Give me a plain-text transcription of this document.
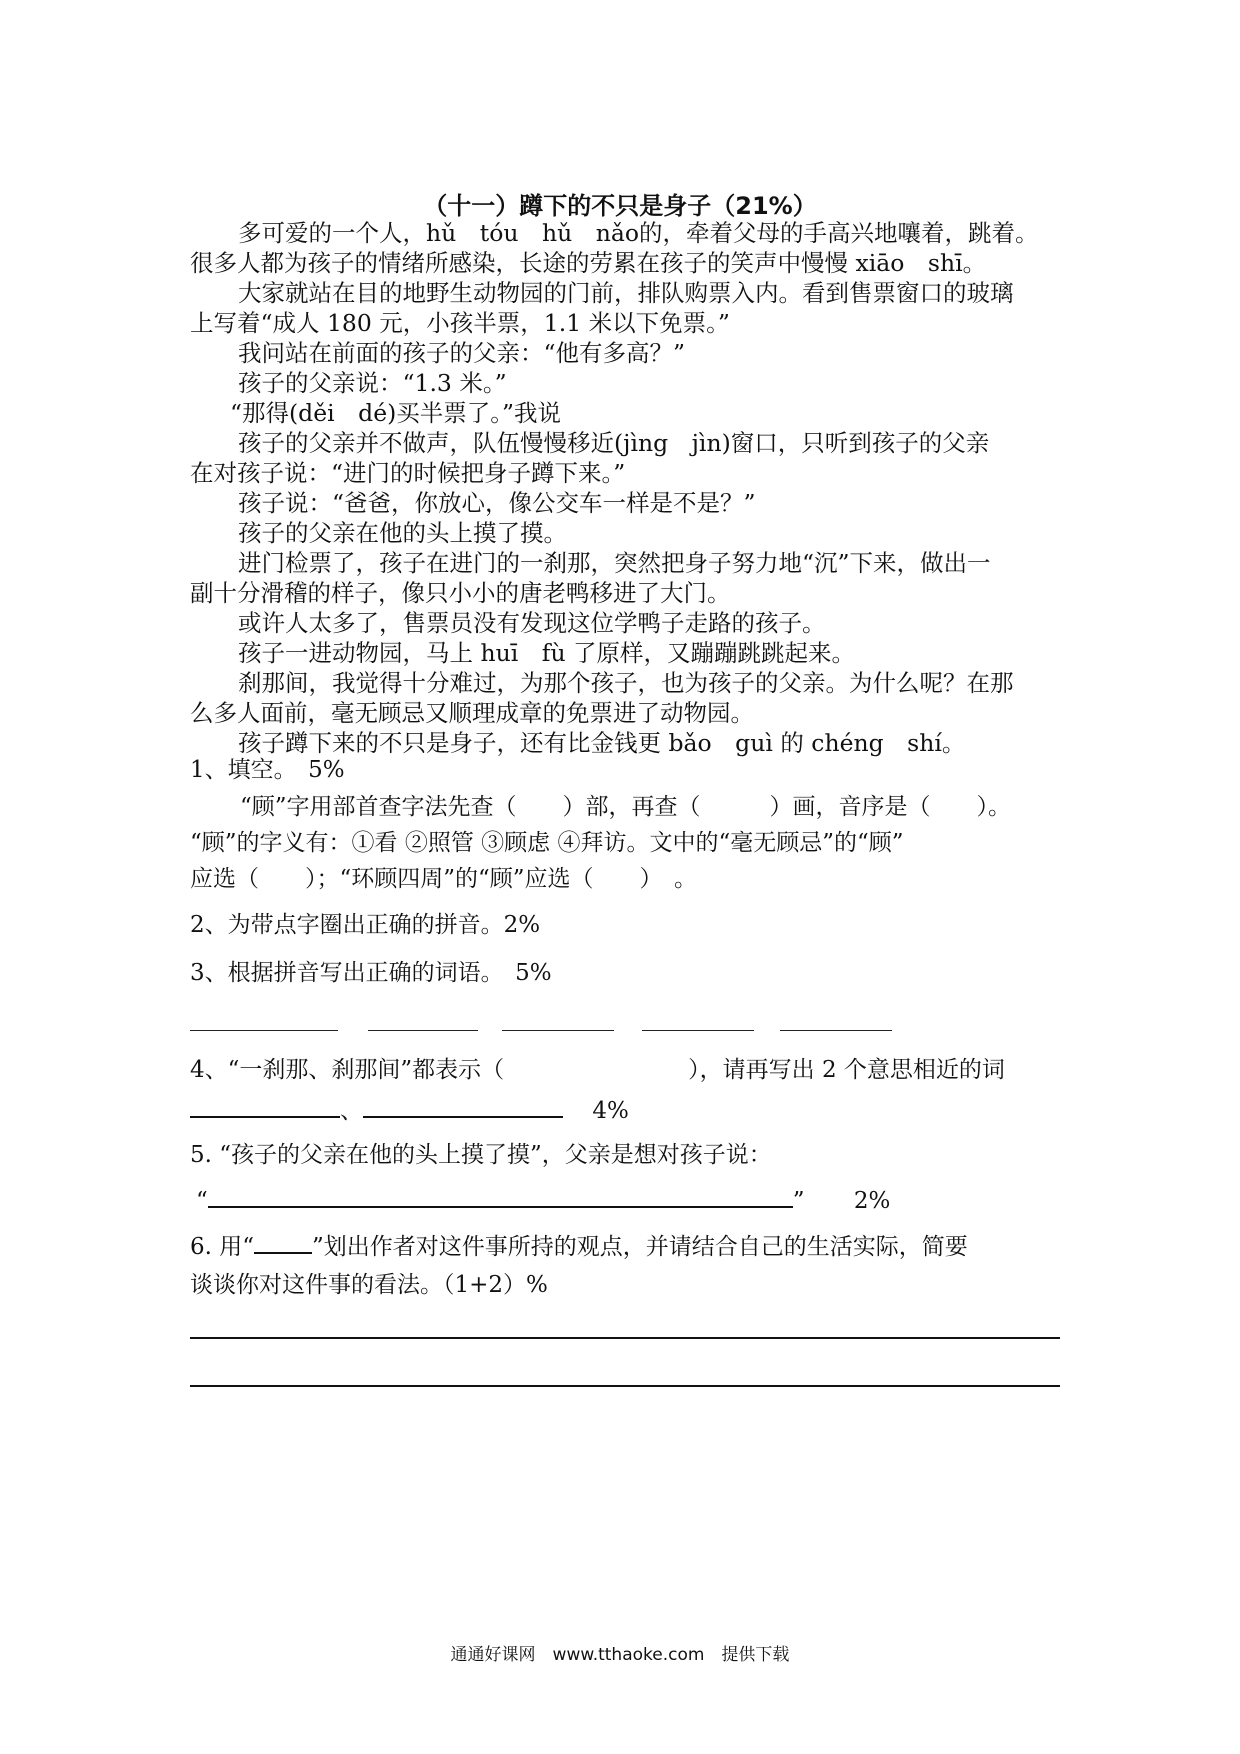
（十一）蹲下的不只是身子（21%）
多可爱的一个人，hǔ　tóu　hǔ　nǎo的，牵着父母的手高兴地嚷着，跳着。
很多人都为孩子的情绪所感染，长途的劳累在孩子的笑声中慢慢 xiāo　shī。
大家就站在目的地野生动物园的门前，排队购票入内。看到售票窗口的玻璃
上写着“成人 180 元，小孩半票，1.1 米以下免票。”
我问站在前面的孩子的父亲：“他有多高？”
孩子的父亲说：“1.3 米。”
“那得(děi　dé)买半票了。”我说
孩子的父亲并不做声，队伍慢慢移近(jìng　jìn)窗口，只听到孩子的父亲
在对孩子说：“进门的时候把身子蹲下来。”
孩子说：“爸爸，你放心，像公交车一样是不是？”
孩子的父亲在他的头上摸了摸。
进门检票了，孩子在进门的一刹那，突然把身子努力地“沉”下来，做出一
副十分滑稽的样子，像只小小的唐老鸭移进了大门。
或许人太多了，售票员没有发现这位学鸭子走路的孩子。
孩子一进动物园，马上 huī　fù 了原样，又蹦蹦跳跳起来。
刹那间，我觉得十分难过，为那个孩子，也为孩子的父亲。为什么呢？在那
么多人面前，毫无顾忌又顺理成章的免票进了动物园。
孩子蹲下来的不只是身子，还有比金钱更 bǎo　guì 的 chéng　shí。
1、填空。　5%
“顾”字用部首查字法先查（　　）部，再查（　　　）画，音序是（　　）。
“顾”的字义有：①看 ②照管 ③顾虑 ④拜访。文中的“毫无顾忌”的“顾”
应选（　　）；“环顾四周”的“顾”应选（　　）　。
2、为带点字圈出正确的拼音。2%
3、根据拼音写出正确的词语。　5%
4、“一刹那、刹那间”都表示（　　　　　　　　），请再写出 2 个意思相近的词
、	4%
5. “孩子的父亲在他的头上摸了摸”，父亲是想对孩子说：
“	” 2%
6. 用“	”划出作者对这件事所持的观点，并请结合自己的生活实际，简要
谈谈你对这件事的看法。（1+2）%
通通好课网　www.tthaoke.com　提供下载
